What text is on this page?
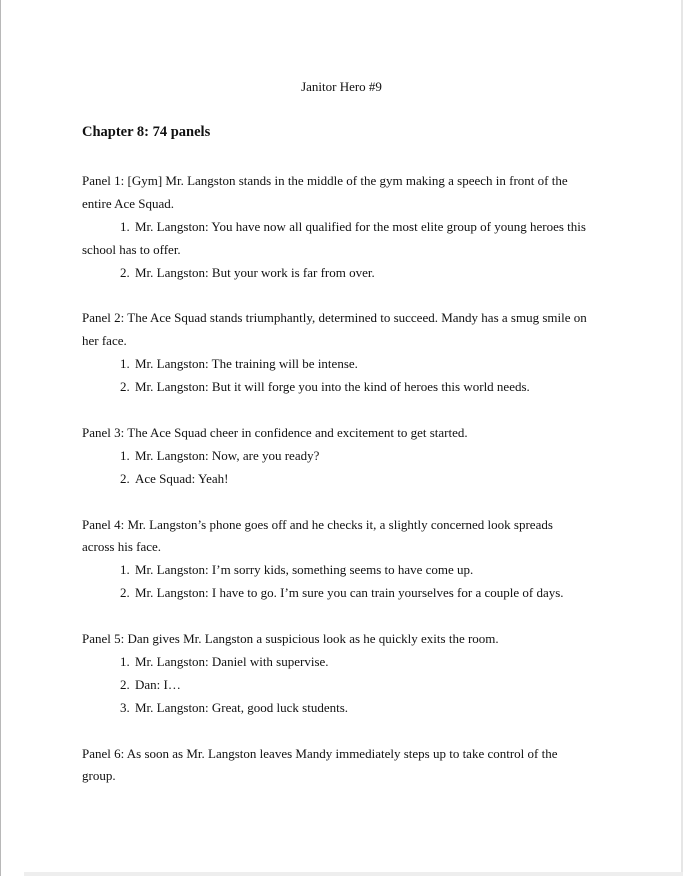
Janitor Hero #9
Chapter 8: 74 panels

Panel 1: [Gym] Mr. Langston stands in the middle of the gym making a speech in front of the

entire Ace Squad.

1. Mr. Langston: You have now all qualified for the most elite group of young heroes this

school has to offer.

2. Mr. Langston: But your work is far from over.

Panel 2: The Ace Squad stands triumphantly, determined to succeed. Mandy has a smug smile on

her face.

1. Mr. Langston: The training will be intense.

2. Mr. Langston: But it will forge you into the kind of heroes this world needs.

Panel 3: The Ace Squad cheer in confidence and excitement to get started.

1. Mr. Langston: Now, are you ready?

2. Ace Squad: Yeah!

Panel 4: Mr. Langston’s phone goes off and he checks it, a slightly concerned look spreads

across his face.

1. Mr. Langston: I’m sorry kids, something seems to have come up.

2. Mr. Langston: I have to go. I’m sure you can train yourselves for a couple of days.

Panel 5: Dan gives Mr. Langston a suspicious look as he quickly exits the room.

1. Mr. Langston: Daniel with supervise.

2. Dan: I…

3. Mr. Langston: Great, good luck students.

Panel 6: As soon as Mr. Langston leaves Mandy immediately steps up to take control of the

group.
